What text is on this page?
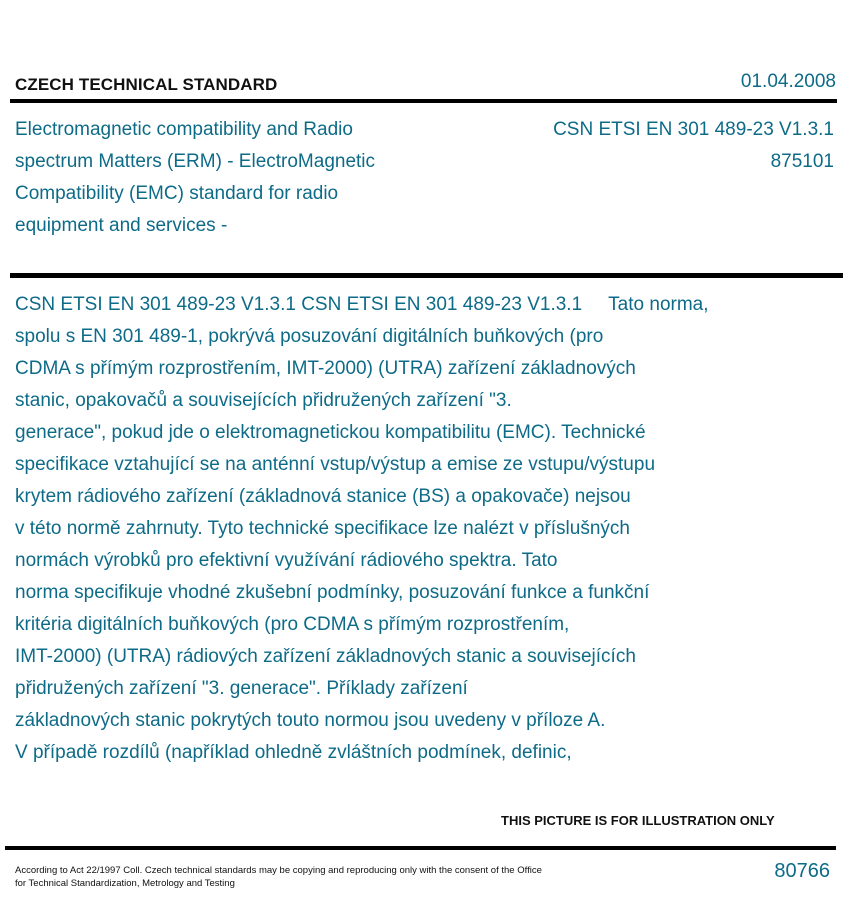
CZECH TECHNICAL STANDARD	01.04.2008
Electromagnetic compatibility and Radio
spectrum Matters (ERM) - ElectroMagnetic
Compatibility (EMC) standard for radio
equipment and services -
CSN ETSI EN 301 489-23 V1.3.1
875101
CSN ETSI EN 301 489-23 V1.3.1 CSN ETSI EN 301 489-23 V1.3.1     Tato norma,
spolu s EN 301 489-1, pokrývá posuzování digitálních buňkových (pro
CDMA s přímým rozprostřením, IMT-2000) (UTRA) zařízení základnových
stanic, opakovačů a souvisejících přidružených zařízení "3.
generace", pokud jde o elektromagnetickou kompatibilitu (EMC). Technické
specifikace vztahující se na anténní vstup/výstup a emise ze vstupu/výstupu
krytem rádiového zařízení (základnová stanice (BS) a opakovače) nejsou
v této normě zahrnuty. Tyto technické specifikace lze nalézt v příslušných
normách výrobků pro efektivní využívání rádiového spektra. Tato
norma specifikuje vhodné zkušební podmínky, posuzování funkce a funkční
kritéria digitálních buňkových (pro CDMA s přímým rozprostřením,
IMT-2000) (UTRA) rádiových zařízení základnových stanic a souvisejících
přidružených zařízení "3. generace". Příklady zařízení
základnových stanic pokrytých touto normou jsou uvedeny v příloze A.
V případě rozdílů (například ohledně zvláštních podmínek, definic,
THIS PICTURE IS FOR ILLUSTRATION ONLY
According to Act 22/1997 Coll. Czech technical standards may be copying and reproducing only with the consent of the Office
for Technical Standardization, Metrology and Testing
80766
